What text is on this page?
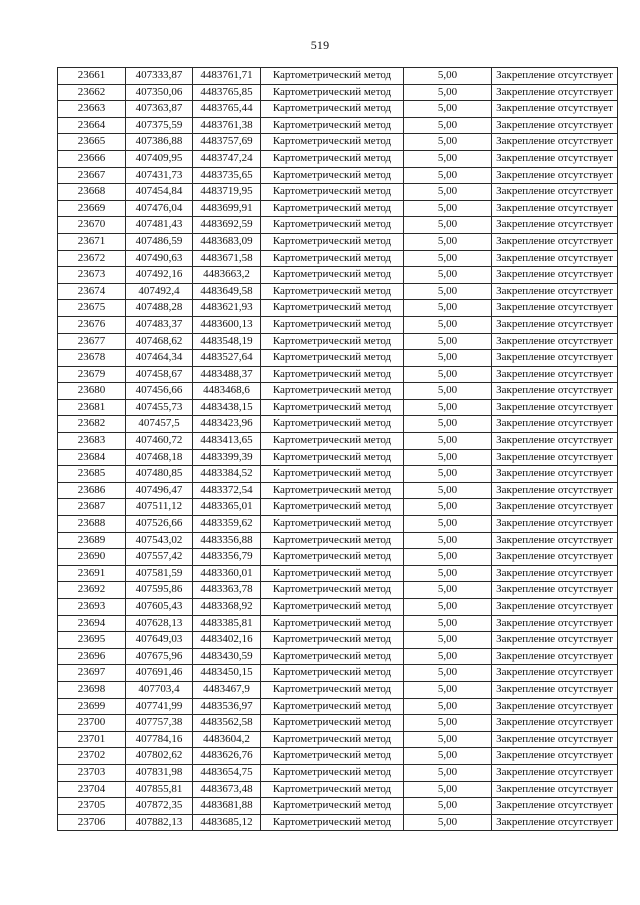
519
23661	407333,87	4483761,71	Картометрический метод	5,00	Закрепление отсутствует
23662	407350,06	4483765,85	Картометрический метод	5,00	Закрепление отсутствует
23663	407363,87	4483765,44	Картометрический метод	5,00	Закрепление отсутствует
23664	407375,59	4483761,38	Картометрический метод	5,00	Закрепление отсутствует
23665	407386,88	4483757,69	Картометрический метод	5,00	Закрепление отсутствует
23666	407409,95	4483747,24	Картометрический метод	5,00	Закрепление отсутствует
23667	407431,73	4483735,65	Картометрический метод	5,00	Закрепление отсутствует
23668	407454,84	4483719,95	Картометрический метод	5,00	Закрепление отсутствует
23669	407476,04	4483699,91	Картометрический метод	5,00	Закрепление отсутствует
23670	407481,43	4483692,59	Картометрический метод	5,00	Закрепление отсутствует
23671	407486,59	4483683,09	Картометрический метод	5,00	Закрепление отсутствует
23672	407490,63	4483671,58	Картометрический метод	5,00	Закрепление отсутствует
23673	407492,16	4483663,2	Картометрический метод	5,00	Закрепление отсутствует
23674	407492,4	4483649,58	Картометрический метод	5,00	Закрепление отсутствует
23675	407488,28	4483621,93	Картометрический метод	5,00	Закрепление отсутствует
23676	407483,37	4483600,13	Картометрический метод	5,00	Закрепление отсутствует
23677	407468,62	4483548,19	Картометрический метод	5,00	Закрепление отсутствует
23678	407464,34	4483527,64	Картометрический метод	5,00	Закрепление отсутствует
23679	407458,67	4483488,37	Картометрический метод	5,00	Закрепление отсутствует
23680	407456,66	4483468,6	Картометрический метод	5,00	Закрепление отсутствует
23681	407455,73	4483438,15	Картометрический метод	5,00	Закрепление отсутствует
23682	407457,5	4483423,96	Картометрический метод	5,00	Закрепление отсутствует
23683	407460,72	4483413,65	Картометрический метод	5,00	Закрепление отсутствует
23684	407468,18	4483399,39	Картометрический метод	5,00	Закрепление отсутствует
23685	407480,85	4483384,52	Картометрический метод	5,00	Закрепление отсутствует
23686	407496,47	4483372,54	Картометрический метод	5,00	Закрепление отсутствует
23687	407511,12	4483365,01	Картометрический метод	5,00	Закрепление отсутствует
23688	407526,66	4483359,62	Картометрический метод	5,00	Закрепление отсутствует
23689	407543,02	4483356,88	Картометрический метод	5,00	Закрепление отсутствует
23690	407557,42	4483356,79	Картометрический метод	5,00	Закрепление отсутствует
23691	407581,59	4483360,01	Картометрический метод	5,00	Закрепление отсутствует
23692	407595,86	4483363,78	Картометрический метод	5,00	Закрепление отсутствует
23693	407605,43	4483368,92	Картометрический метод	5,00	Закрепление отсутствует
23694	407628,13	4483385,81	Картометрический метод	5,00	Закрепление отсутствует
23695	407649,03	4483402,16	Картометрический метод	5,00	Закрепление отсутствует
23696	407675,96	4483430,59	Картометрический метод	5,00	Закрепление отсутствует
23697	407691,46	4483450,15	Картометрический метод	5,00	Закрепление отсутствует
23698	407703,4	4483467,9	Картометрический метод	5,00	Закрепление отсутствует
23699	407741,99	4483536,97	Картометрический метод	5,00	Закрепление отсутствует
23700	407757,38	4483562,58	Картометрический метод	5,00	Закрепление отсутствует
23701	407784,16	4483604,2	Картометрический метод	5,00	Закрепление отсутствует
23702	407802,62	4483626,76	Картометрический метод	5,00	Закрепление отсутствует
23703	407831,98	4483654,75	Картометрический метод	5,00	Закрепление отсутствует
23704	407855,81	4483673,48	Картометрический метод	5,00	Закрепление отсутствует
23705	407872,35	4483681,88	Картометрический метод	5,00	Закрепление отсутствует
23706	407882,13	4483685,12	Картометрический метод	5,00	Закрепление отсутствует
